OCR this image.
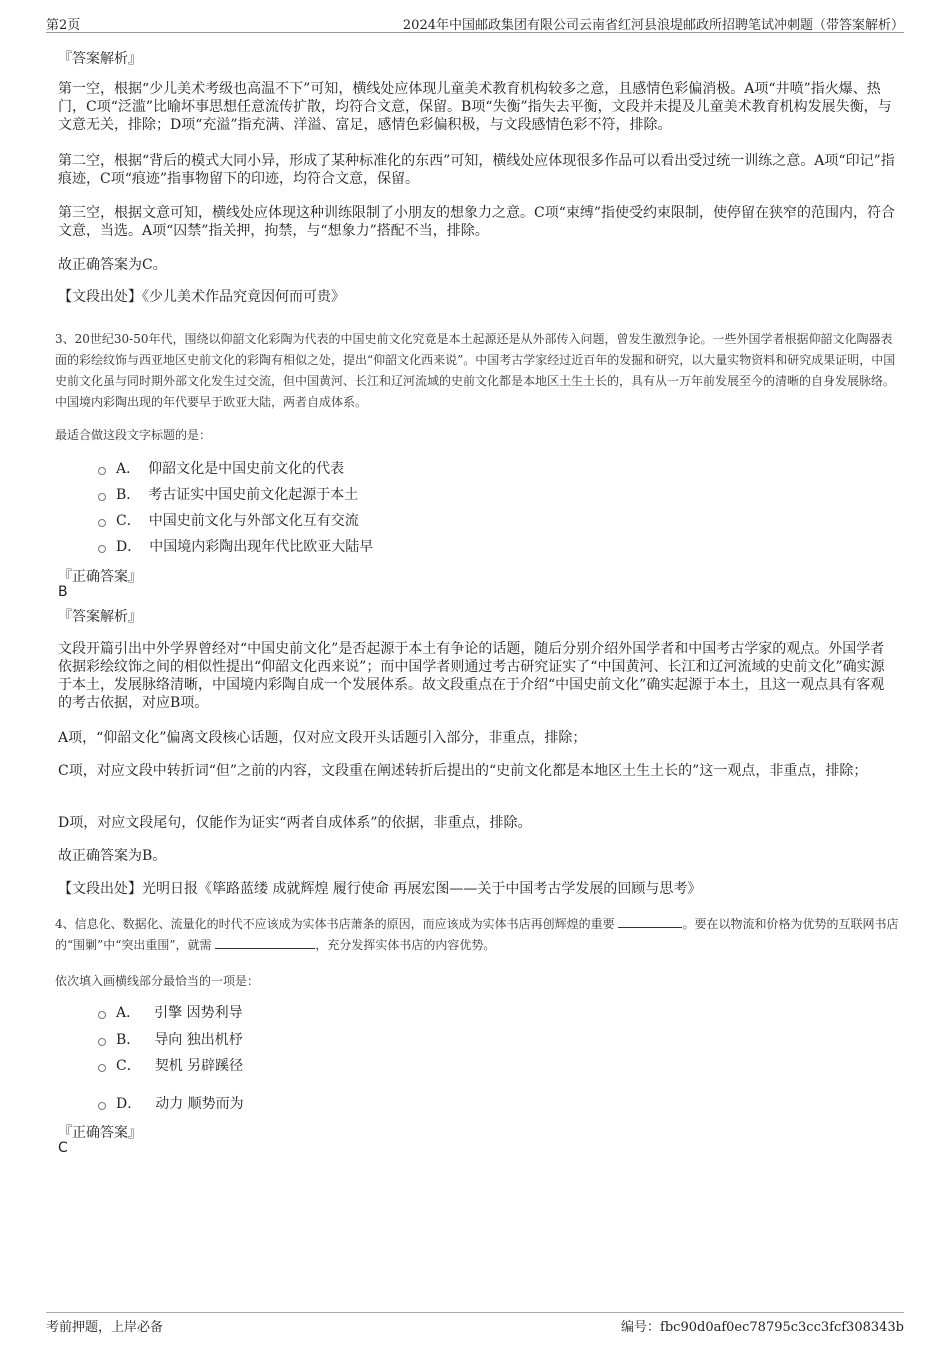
第2页	2024年中国邮政集团有限公司云南省红河县浪堤邮政所招聘笔试冲刺题（带答案解析）
『答案解析』
第一空，根据“少儿美术考级也高温不下”可知，横线处应体现儿童美术教育机构较多之意，且感情色彩偏消极。A项“井喷”指火爆、热门，C项“泛滥”比喻坏事思想任意流传扩散，均符合文意，保留。B项“失衡”指失去平衡，文段并未提及儿童美术教育机构发展失衡，与文意无关，排除；D项“充溢”指充满、洋溢、富足，感情色彩偏积极，与文段感情色彩不符，排除。
第二空，根据“背后的模式大同小异，形成了某种标准化的东西”可知，横线处应体现很多作品可以看出受过统一训练之意。A项“印记”指痕迹，C项“痕迹”指事物留下的印迹，均符合文意，保留。
第三空，根据文意可知，横线处应体现这种训练限制了小朋友的想象力之意。C项“束缚”指使受约束限制，使停留在狭窄的范围内，符合文意，当选。A项“囚禁”指关押，拘禁，与“想象力”搭配不当，排除。
故正确答案为C。
【文段出处】《少儿美术作品究竟因何而可贵》
3、20世纪30-50年代，围绕以仰韶文化彩陶为代表的中国史前文化究竟是本土起源还是从外部传入问题，曾发生激烈争论。一些外国学者根据仰韶文化陶器表面的彩绘纹饰与西亚地区史前文化的彩陶有相似之处，提出“仰韶文化西来说”。中国考古学家经过近百年的发掘和研究，以大量实物资料和研究成果证明，中国史前文化虽与同时期外部文化发生过交流，但中国黄河、长江和辽河流域的史前文化都是本地区土生土长的，具有从一万年前发展至今的清晰的自身发展脉络。中国境内彩陶出现的年代要早于欧亚大陆，两者自成体系。
最适合做这段文字标题的是：
A． 仰韶文化是中国史前文化的代表
B． 考古证实中国史前文化起源于本土
C． 中国史前文化与外部文化互有交流
D． 中国境内彩陶出现年代比欧亚大陆早
『正确答案』
B
『答案解析』
文段开篇引出中外学界曾经对“中国史前文化”是否起源于本土有争论的话题，随后分别介绍外国学者和中国考古学家的观点。外国学者依据彩绘纹饰之间的相似性提出“仰韶文化西来说”；而中国学者则通过考古研究证实了“中国黄河、长江和辽河流域的史前文化”确实源于本土，发展脉络清晰，中国境内彩陶自成一个发展体系。故文段重点在于介绍“中国史前文化”确实起源于本土，且这一观点具有客观的考古依据，对应B项。
A项，“仰韶文化”偏离文段核心话题，仅对应文段开头话题引入部分，非重点，排除；
C项，对应文段中转折词“但”之前的内容，文段重在阐述转折后提出的“史前文化都是本地区土生土长的”这一观点，非重点，排除；
D项，对应文段尾句，仅能作为证实“两者自成体系”的依据，非重点，排除。
故正确答案为B。
【文段出处】光明日报《筚路蓝缕 成就辉煌 履行使命 再展宏图——关于中国考古学发展的回顾与思考》
4、信息化、数据化、流量化的时代不应该成为实体书店萧条的原因，而应该成为实体书店再创辉煌的重要	。要在以物流和价格为优势的互联网书店的“围剿”中“突出重围”，就需	，充分发挥实体书店的内容优势。
依次填入画横线部分最恰当的一项是：
A． 引擎 因势利导
B． 导向 独出机杼
C． 契机 另辟蹊径
D． 动力 顺势而为
『正确答案』
C
考前押题，上岸必备	编号：fbc90d0af0ec78795c3cc3fcf308343b
